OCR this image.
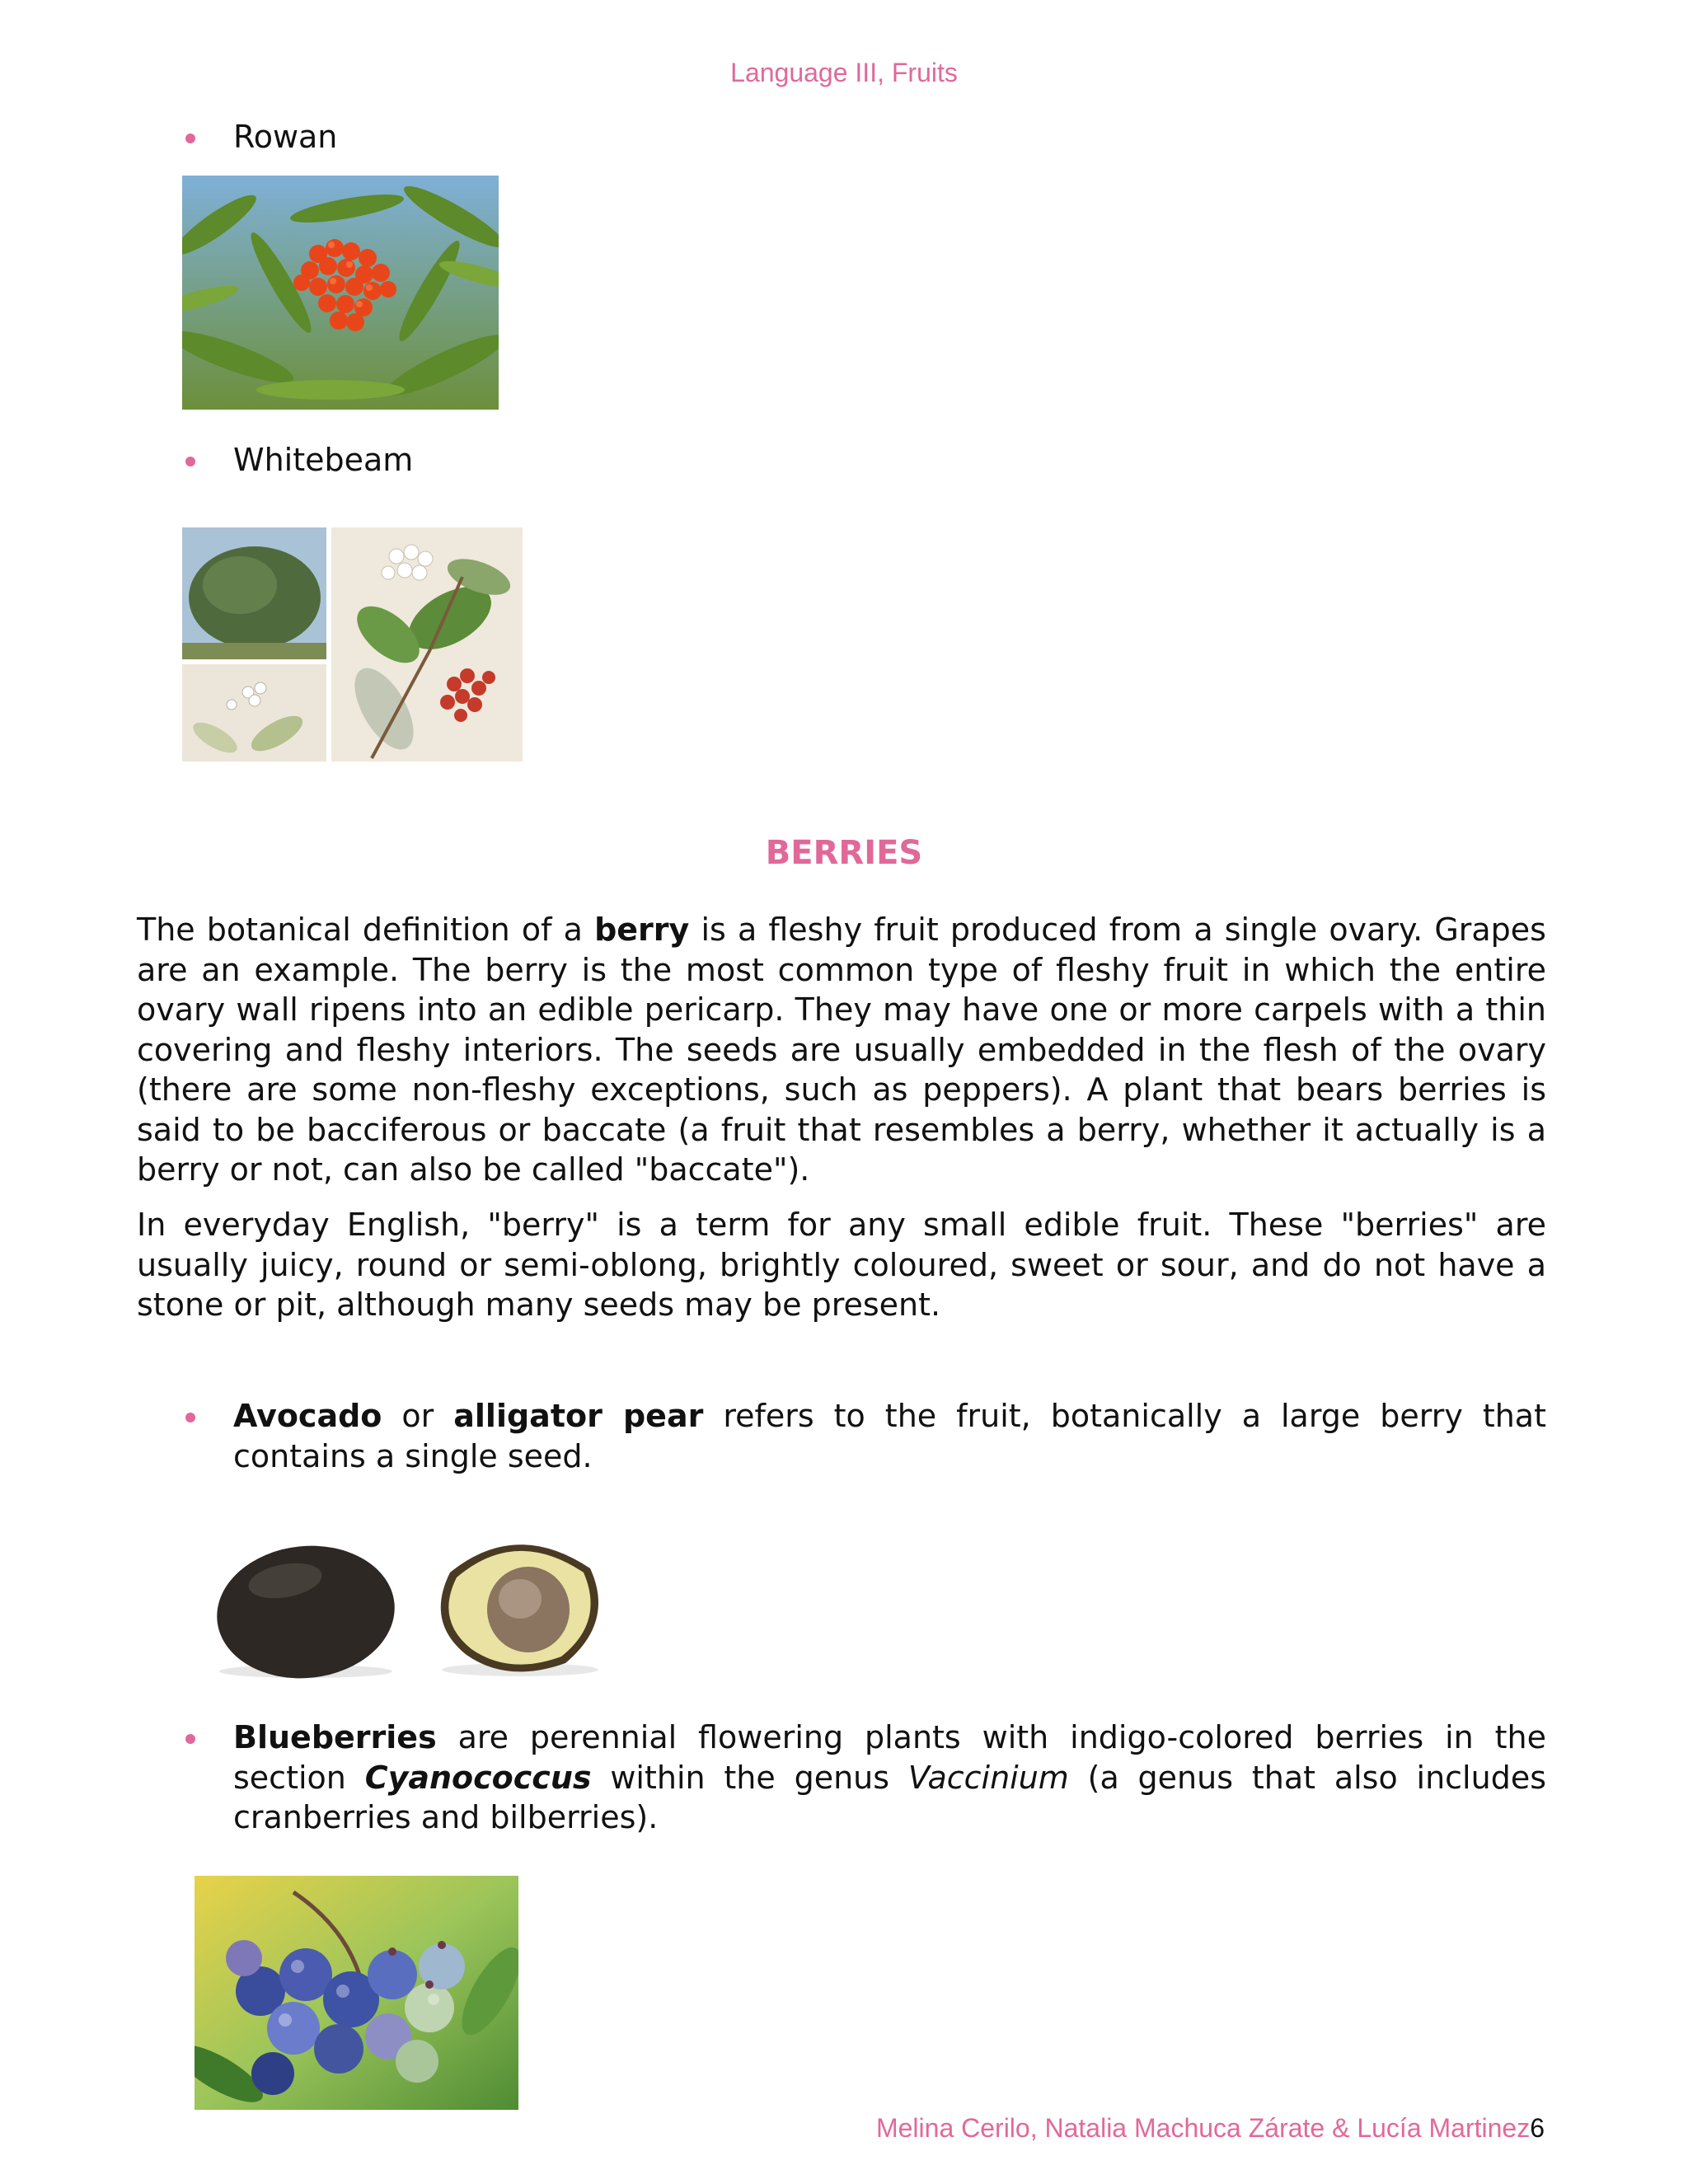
Language III, Fruits
Rowan
Whitebeam
BERRIES

The botanical definition of a berry is a fleshy fruit produced from a single ovary. Grapes are an example. The berry is the most common type of fleshy fruit in which the entire ovary wall ripens into an edible pericarp. They may have one or more carpels with a thin covering and fleshy interiors. The seeds are usually embedded in the flesh of the ovary (there are some non-fleshy exceptions, such as peppers). A plant that bears berries is said to be bacciferous or baccate (a fruit that resembles a berry, whether it actually is a berry or not, can also be called "baccate").

In everyday English, "berry" is a term for any small edible fruit. These "berries" are usually juicy, round or semi-oblong, brightly coloured, sweet or sour, and do not have a stone or pit, although many seeds may be present.

Avocado or alligator pear refers to the fruit, botanically a large berry that contains a single seed.
Blueberries are perennial flowering plants with indigo-colored berries in the section Cyanococcus within the genus Vaccinium (a genus that also includes cranberries and bilberries).
Melina Cerilo, Natalia Machuca Zárate & Lucía Martinez6
